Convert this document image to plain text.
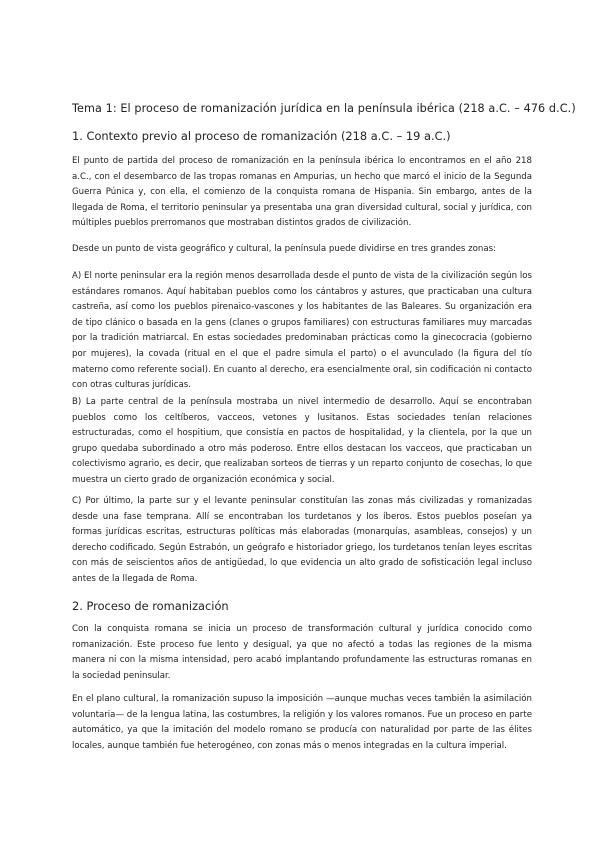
Tema 1: El proceso de romanización jurídica en la península ibérica (218 a.C. – 476 d.C.)
1. Contexto previo al proceso de romanización (218 a.C. – 19 a.C.)

El punto de partida del proceso de romanización en la península ibérica lo encontramos en el año 218 a.C., con el desembarco de las tropas romanas en Ampurias, un hecho que marcó el inicio de la Segunda Guerra Púnica y, con ella, el comienzo de la conquista romana de Hispania. Sin embargo, antes de la llegada de Roma, el territorio peninsular ya presentaba una gran diversidad cultural, social y jurídica, con múltiples pueblos prerromanos que mostraban distintos grados de civilización.

Desde un punto de vista geográfico y cultural, la península puede dividirse en tres grandes zonas:

A) El norte peninsular era la región menos desarrollada desde el punto de vista de la civilización según los estándares romanos. Aquí habitaban pueblos como los cántabros y astures, que practicaban una cultura castreña, así como los pueblos pirenaico-vascones y los habitantes de las Baleares. Su organización era de tipo clánico o basada en la gens (clanes o grupos familiares) con estructuras familiares muy marcadas por la tradición matriarcal. En estas sociedades predominaban prácticas como la ginecocracia (gobierno por mujeres), la covada (ritual en el que el padre simula el parto) o el avunculado (la figura del tío materno como referente social). En cuanto al derecho, era esencialmente oral, sin codificación ni contacto con otras culturas jurídicas.

B) La parte central de la península mostraba un nivel intermedio de desarrollo. Aquí se encontraban pueblos como los celtíberos, vacceos, vetones y lusitanos. Estas sociedades tenían relaciones estructuradas, como el hospitium, que consistía en pactos de hospitalidad, y la clientela, por la que un grupo quedaba subordinado a otro más poderoso. Entre ellos destacan los vacceos, que practicaban un colectivismo agrario, es decir, que realizaban sorteos de tierras y un reparto conjunto de cosechas, lo que muestra un cierto grado de organización económica y social.

C) Por último, la parte sur y el levante peninsular constituían las zonas más civilizadas y romanizadas desde una fase temprana. Allí se encontraban los turdetanos y los íberos. Estos pueblos poseían ya formas jurídicas escritas, estructuras políticas más elaboradas (monarquías, asambleas, consejos) y un derecho codificado. Según Estrabón, un geógrafo e historiador griego, los turdetanos tenían leyes escritas con más de seiscientos años de antigüedad, lo que evidencia un alto grado de sofisticación legal incluso antes de la llegada de Roma.

2. Proceso de romanización

Con la conquista romana se inicia un proceso de transformación cultural y jurídica conocido como romanización. Este proceso fue lento y desigual, ya que no afectó a todas las regiones de la misma manera ni con la misma intensidad, pero acabó implantando profundamente las estructuras romanas en la sociedad peninsular.

En el plano cultural, la romanización supuso la imposición —aunque muchas veces también la asimilación voluntaria— de la lengua latina, las costumbres, la religión y los valores romanos. Fue un proceso en parte automático, ya que la imitación del modelo romano se producía con naturalidad por parte de las élites locales, aunque también fue heterogéneo, con zonas más o menos integradas en la cultura imperial.
